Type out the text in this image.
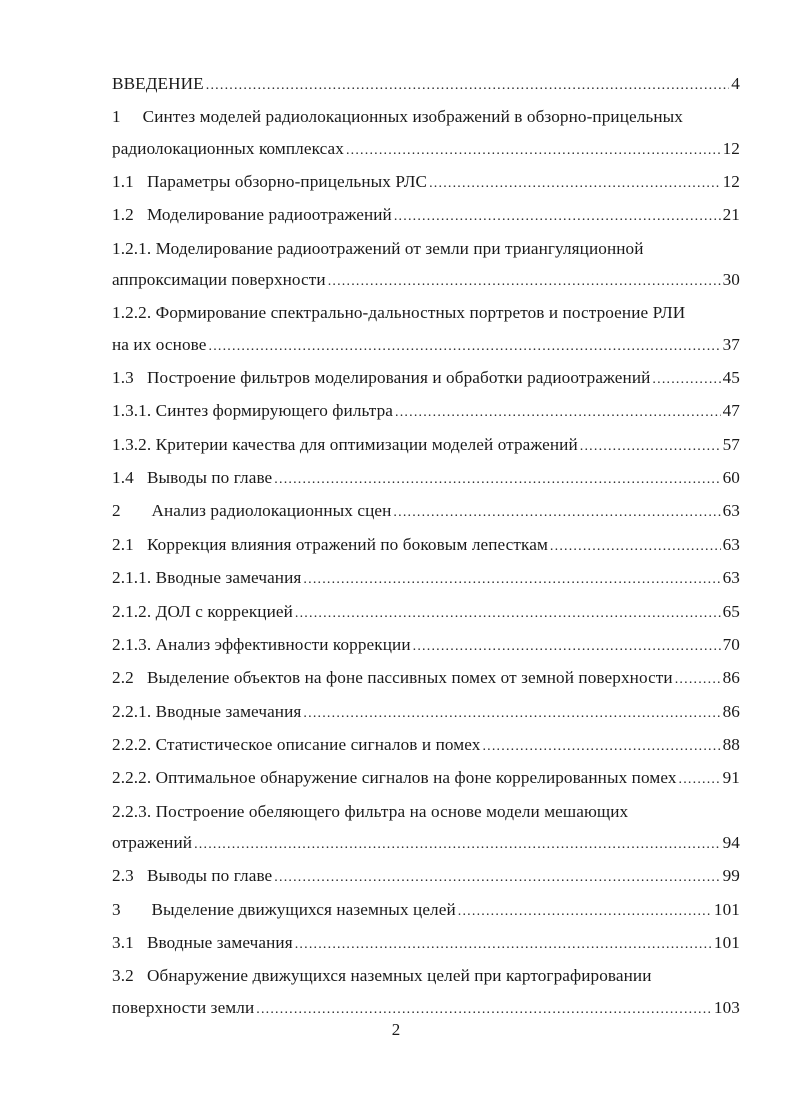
ВВЕДЕНИЕ .....	4
1     Синтез моделей радиолокационных изображений в обзорно-прицельных
радиолокационных комплексах .....	12
1.1   Параметры обзорно-прицельных РЛС .....	12
1.2   Моделирование радиоотражений .....	21
1.2.1. Моделирование радиоотражений от земли при триангуляционной
аппроксимации поверхности .....	30
1.2.2. Формирование спектрально-дальностных портретов и построение РЛИ
на их основе .....	37
1.3   Построение фильтров моделирования и обработки радиоотражений .....	45
1.3.1. Синтез формирующего фильтра .....	47
1.3.2. Критерии качества для оптимизации моделей отражений .....	57
1.4   Выводы по главе .....	60
2       Анализ радиолокационных сцен .....	63
2.1   Коррекция влияния отражений по боковым лепесткам .....	63
2.1.1. Вводные замечания .....	63
2.1.2. ДОЛ с коррекцией .....	65
2.1.3. Анализ эффективности коррекции .....	70
2.2   Выделение объектов на фоне пассивных помех от земной поверхности .....	86
2.2.1. Вводные замечания .....	86
2.2.2. Статистическое описание сигналов и помех .....	88
2.2.2. Оптимальное обнаружение сигналов на фоне коррелированных помех .....	91
2.2.3. Построение обеляющего фильтра на основе модели мешающих
отражений .....	94
2.3   Выводы по главе .....	99
3       Выделение движущихся наземных целей .....	101
3.1   Вводные замечания .....	101
3.2   Обнаружение движущихся наземных целей при картографировании
поверхности земли .....	103
2
